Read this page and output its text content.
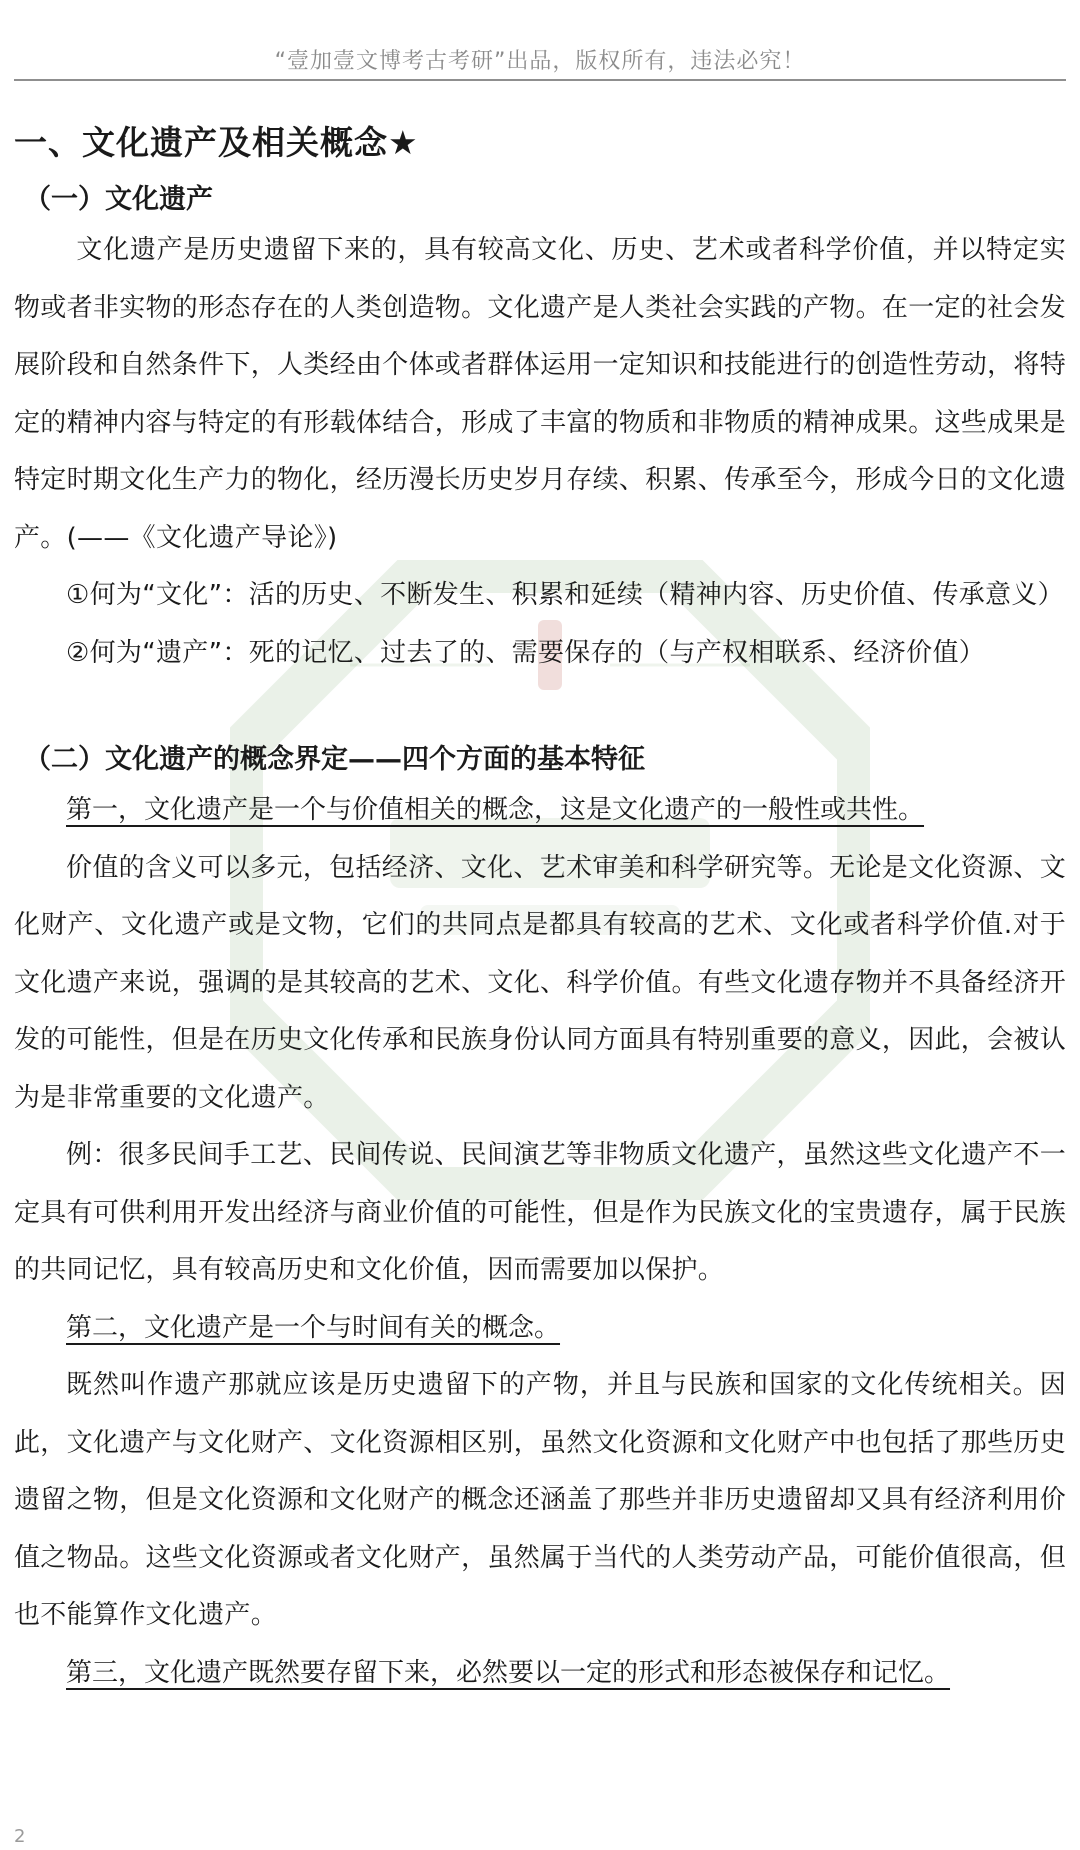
“壹加壹文博考古考研”出品，版权所有，违法必究！
一、文化遗产及相关概念★
（一）文化遗产

文化遗产是历史遗留下来的，具有较高文化、历史、艺术或者科学价值，并以特定实物或者非实物的形态存在的人类创造物。文化遗产是人类社会实践的产物。在一定的社会发展阶段和自然条件下，人类经由个体或者群体运用一定知识和技能进行的创造性劳动，将特定的精神内容与特定的有形载体结合，形成了丰富的物质和非物质的精神成果。这些成果是特定时期文化生产力的物化，经历漫长历史岁月存续、积累、传承至今，形成今日的文化遗产。(——《文化遗产导论》)

①何为“文化”：活的历史、不断发生、积累和延续（精神内容、历史价值、传承意义）

②何为“遗产”：死的记忆、过去了的、需要保存的（与产权相联系、经济价值）

（二）文化遗产的概念界定——四个方面的基本特征

第一，文化遗产是一个与价值相关的概念，这是文化遗产的一般性或共性。

价值的含义可以多元，包括经济、文化、艺术审美和科学研究等。无论是文化资源、文化财产、文化遗产或是文物，它们的共同点是都具有较高的艺术、文化或者科学价值.对于文化遗产来说，强调的是其较高的艺术、文化、科学价值。有些文化遗存物并不具备经济开发的可能性，但是在历史文化传承和民族身份认同方面具有特别重要的意义，因此，会被认为是非常重要的文化遗产。

例：很多民间手工艺、民间传说、民间演艺等非物质文化遗产，虽然这些文化遗产不一定具有可供利用开发出经济与商业价值的可能性，但是作为民族文化的宝贵遗存，属于民族的共同记忆，具有较高历史和文化价值，因而需要加以保护。

第二，文化遗产是一个与时间有关的概念。

既然叫作遗产那就应该是历史遗留下的产物，并且与民族和国家的文化传统相关。因此，文化遗产与文化财产、文化资源相区别，虽然文化资源和文化财产中也包括了那些历史遗留之物，但是文化资源和文化财产的概念还涵盖了那些并非历史遗留却又具有经济利用价值之物品。这些文化资源或者文化财产，虽然属于当代的人类劳动产品，可能价值很高，但也不能算作文化遗产。

第三，文化遗产既然要存留下来，必然要以一定的形式和形态被保存和记忆。

2
